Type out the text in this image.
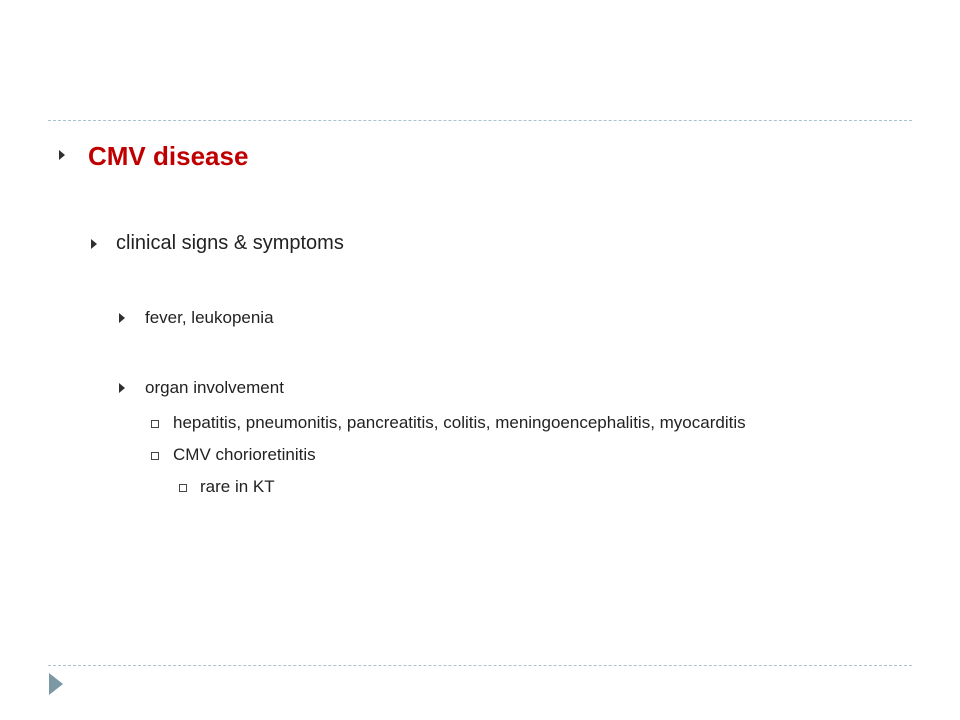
CMV disease
clinical signs & symptoms
fever, leukopenia
organ involvement
hepatitis, pneumonitis, pancreatitis, colitis, meningoencephalitis, myocarditis
CMV chorioretinitis
rare in KT
